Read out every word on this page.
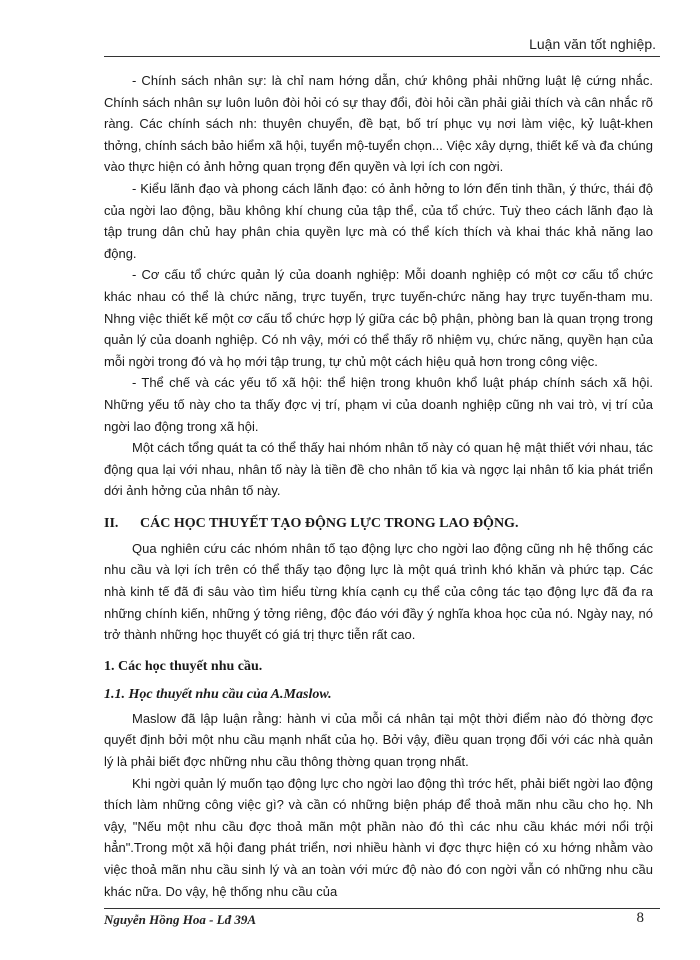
Luận văn tốt nghiệp.

- Chính sách nhân sự: là chỉ nam hớng dẫn, chứ không phải những luật lệ cứng nhắc. Chính sách nhân sự luôn luôn đòi hỏi có sự thay đổi, đòi hỏi cần phải giải thích và cân nhắc rõ ràng. Các chính sách nh: thuyên chuyển, đề bạt, bố trí phục vụ nơi làm việc, kỷ luật-khen thởng, chính sách bảo hiểm xã hội, tuyển mộ-tuyển chọn... Việc xây dựng, thiết kế và đa chúng vào thực hiện có ảnh hởng quan trọng đến quyền và lợi ích con ngời.

- Kiểu lãnh đạo và phong cách lãnh đạo: có ảnh hởng to lớn đến tinh thần, ý thức, thái độ của ngời lao động, bầu không khí chung của tập thể, của tổ chức. Tuỳ theo cách lãnh đạo là tập trung dân chủ hay phân chia quyền lực mà có thể kích thích và khai thác khả năng lao động.

- Cơ cấu tổ chức quản lý của doanh nghiệp: Mỗi doanh nghiệp có một cơ cấu tổ chức khác nhau có thể là chức năng, trực tuyến, trực tuyến-chức năng hay trực tuyến-tham mu. Nhng việc thiết kế một cơ cấu tổ chức hợp lý giữa các bộ phận, phòng ban là quan trọng trong quản lý của doanh nghiệp. Có nh vậy, mới có thể thấy rõ nhiệm vụ, chức năng, quyền hạn của mỗi ngời trong đó và họ mới tập trung, tự chủ một cách hiệu quả hơn trong công việc.

- Thể chế và các yếu tố xã hội: thể hiện trong khuôn khổ luật pháp chính sách xã hội. Những yếu tố này cho ta thấy đợc vị trí, phạm vi của doanh nghiệp cũng nh vai trò, vị trí của ngời lao động trong xã hội.

Một cách tổng quát ta có thể thấy hai nhóm nhân tố này có quan hệ mật thiết với nhau, tác động qua lại với nhau, nhân tố này là tiền đề cho nhân tố kia và ngợc lại nhân tố kia phát triển dới ảnh hởng của nhân tố này.

II.	CÁC HỌC THUYẾT TẠO ĐỘNG LỰC TRONG LAO ĐỘNG.

Qua nghiên cứu các nhóm nhân tố tạo động lực cho ngời lao động cũng nh hệ thống các nhu cầu và lợi ích trên có thể thấy tạo động lực là một quá trình khó khăn và phức tạp. Các nhà kinh tế đã đi sâu vào tìm hiểu từng khía cạnh cụ thể của công tác tạo động lực đã đa ra những chính kiến, những ý tởng riêng, độc đáo với đầy ý nghĩa khoa học của nó. Ngày nay, nó trở thành những học thuyết có giá trị thực tiễn rất cao.

1. Các học thuyết nhu cầu.
1.1. Học thuyết nhu cầu của A.Maslow.

Maslow đã lập luận rằng: hành vi của mỗi cá nhân tại một thời điểm nào đó thờng đợc quyết định bởi một nhu cầu mạnh nhất của họ. Bởi vậy, điều quan trọng đối với các nhà quản lý là phải biết đợc những nhu cầu thông thờng quan trọng nhất.

Khi ngời quản lý muốn tạo động lực cho ngời lao động thì trớc hết, phải biết ngời lao động thích làm những công việc gì? và cần có những biện pháp để thoả mãn nhu cầu cho họ. Nh vậy, "Nếu một nhu cầu đợc thoả mãn một phần nào đó thì các nhu cầu khác mới nổi trội hẳn".Trong một xã hội đang phát triển, nơi nhiều hành vi đợc thực hiện có xu hớng nhằm vào việc thoả mãn nhu cầu sinh lý và an toàn với mức độ nào đó con ngời vẫn có những nhu cầu khác nữa. Do vậy, hệ thống nhu cầu của

Nguyễn Hồng Hoa - Lđ 39A	8
